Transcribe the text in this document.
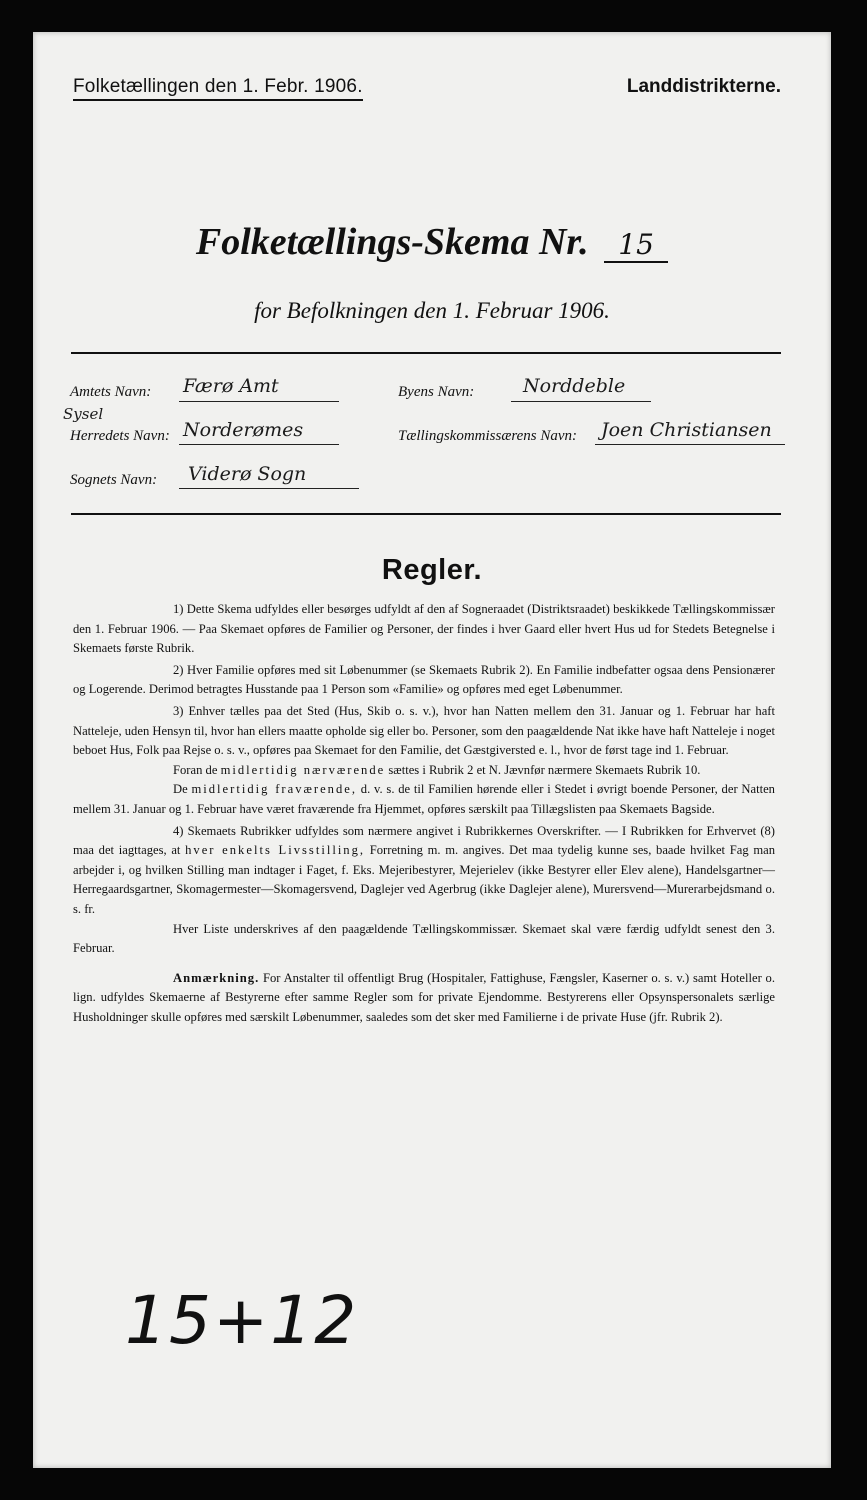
Folketællingen den 1. Febr. 1906.	Landdistrikterne.
Folketællings-Skema Nr. 15
for Befolkningen den 1. Februar 1906.
Amtets Navn: Færø Amt	Byens Navn:	Norddeble
Sysel
Herredets Navn: Norderømes	Tællingskommissærens Navn: Joen Christiansen
Sognets Navn: Viderø Sogn
Regler.

1) Dette Skema udfyldes eller besørges udfyldt af den af Sogneraadet (Distriktsraadet) beskikkede Tællingskommissær den 1. Februar 1906. — Paa Skemaet opføres de Familier og Personer, der findes i hver Gaard eller hvert Hus ud for Stedets Betegnelse i Skemaets første Rubrik.

2) Hver Familie opføres med sit Løbenummer (se Skemaets Rubrik 2). En Familie indbefatter ogsaa dens Pensionærer og Logerende. Derimod betragtes Husstande paa 1 Person som «Familie» og opføres med eget Løbenummer.

3) Enhver tælles paa det Sted (Hus, Skib o. s. v.), hvor han Natten mellem den 31. Januar og 1. Februar har haft Natteleje, uden Hensyn til, hvor han ellers maatte opholde sig eller bo. Personer, som den paagældende Nat ikke have haft Natteleje i noget beboet Hus, Folk paa Rejse o. s. v., opføres paa Skemaet for den Familie, det Gæstgiversted e. l., hvor de først tage ind 1. Februar.

Foran de midlertidig nærværende sættes i Rubrik 2 et N. Jævnfør nærmere Skemaets Rubrik 10.

De midlertidig fraværende, d. v. s. de til Familien hørende eller i Stedet i øvrigt boende Personer, der Natten mellem 31. Januar og 1. Februar have været fraværende fra Hjemmet, opføres særskilt paa Tillægslisten paa Skemaets Bagside.

4) Skemaets Rubrikker udfyldes som nærmere angivet i Rubrikkernes Overskrifter. — I Rubrikken for Erhvervet (8) maa det iagttages, at hver enkelts Livsstilling, Forretning m. m. angives. Det maa tydelig kunne ses, baade hvilket Fag man arbejder i, og hvilken Stilling man indtager i Faget, f. Eks. Mejeribestyrer, Mejerielev (ikke Bestyrer eller Elev alene), Handelsgartner—Herregaardsgartner, Skomagermester—Skomagersvend, Daglejer ved Agerbrug (ikke Daglejer alene), Murersvend—Murerarbejdsmand o. s. fr.

Hver Liste underskrives af den paagældende Tællingskommissær. Skemaet skal være færdig udfyldt senest den 3. Februar.

Anmærkning. For Anstalter til offentligt Brug (Hospitaler, Fattighuse, Fængsler, Kaserner o. s. v.) samt Hoteller o. lign. udfyldes Skemaerne af Bestyrerne efter samme Regler som for private Ejendomme. Bestyrerens eller Opsynspersonalets særlige Husholdninger skulle opføres med særskilt Løbenummer, saaledes som det sker med Familierne i de private Huse (jfr. Rubrik 2).

15+12
